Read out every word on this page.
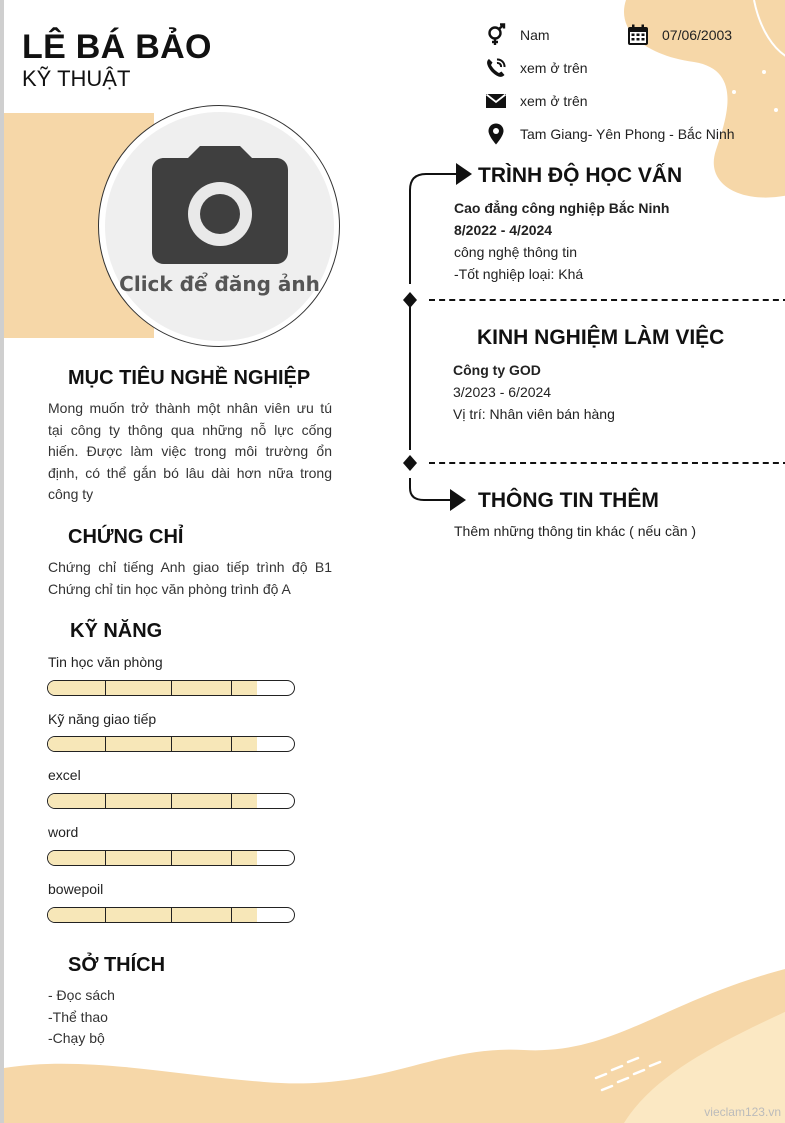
LÊ BÁ BẢO
KỸ THUẬT
Nam	07/06/2003
xem ở trên
xem ở trên
Tam Giang- Yên Phong - Bắc Ninh
Click để đăng ảnh
MỤC TIÊU NGHỀ NGHIỆP
Mong muốn trở thành một nhân viên ưu tú
tại công ty thông qua những nỗ lực cống
hiến. Được làm việc trong môi trường ổn
định, có thể gắn bó lâu dài hơn nữa trong
công ty
CHỨNG CHỈ
Chứng chỉ tiếng Anh giao tiếp trình độ B1
Chứng chỉ tin học văn phòng trình độ A
KỸ NĂNG
Tin học văn phòng
Kỹ năng giao tiếp
excel
word
bowepoil
SỞ THÍCH
- Đọc sách
-Thể thao
-Chạy bộ
TRÌNH ĐỘ HỌC VẤN
Cao đẳng công nghiệp Bắc Ninh
8/2022 - 4/2024
công nghệ thông tin
-Tốt nghiệp loại: Khá
KINH NGHIỆM LÀM VIỆC
Công ty GOD
3/2023 - 6/2024
Vị trí: Nhân viên bán hàng
THÔNG TIN THÊM
Thêm những thông tin khác ( nếu cần )
vieclam123.vn
